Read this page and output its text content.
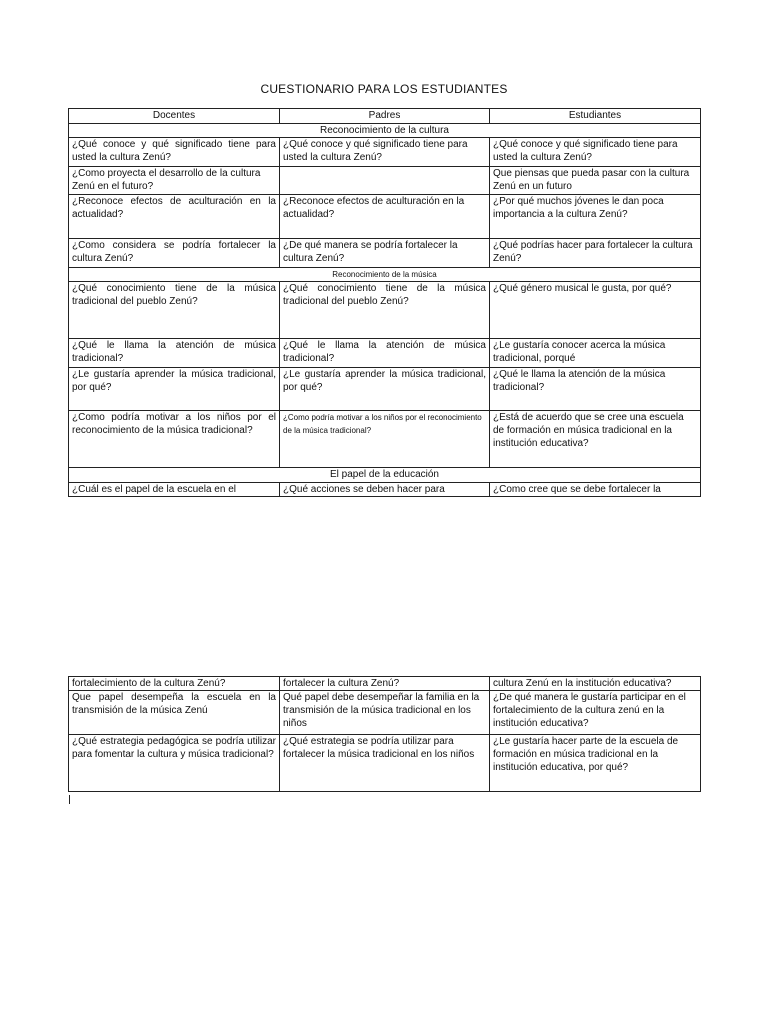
CUESTIONARIO PARA LOS ESTUDIANTES
Docentes	Padres	Estudiantes
Reconocimiento de la cultura		
¿Qué conoce y qué significado tiene para usted la cultura Zenú?	¿Qué conoce y qué significado tiene para usted la cultura Zenú?	¿Qué conoce y qué significado tiene para usted la cultura Zenú?
¿Como proyecta el desarrollo de la cultura Zenú en el futuro?		Que piensas que pueda pasar con la cultura Zenú en un futuro
¿Reconoce efectos de aculturación en la actualidad?	¿Reconoce efectos de aculturación en la actualidad?	¿Por qué muchos jóvenes le dan poca importancia a la cultura Zenú?
¿Como considera se podría fortalecer la cultura Zenú?	¿De qué manera se podría fortalecer la cultura Zenú?	¿Qué podrías hacer para fortalecer la cultura Zenú?
Reconocimiento de la música		
¿Qué conocimiento tiene de la música tradicional del pueblo Zenú?	¿Qué conocimiento tiene de la música tradicional del pueblo Zenú?	¿Qué género musical le gusta, por qué?
¿Qué le llama la atención de música tradicional?	¿Qué le llama la atención de música tradicional?	¿Le gustaría conocer acerca la música tradicional, porqué
¿Le gustaría aprender la música tradicional, por qué?	¿Le gustaría aprender la música tradicional, por qué?	¿Qué le llama la atención de la música tradicional?
¿Como podría motivar a los niños por el reconocimiento de la música tradicional?	¿Como podría motivar a los niños por el reconocimiento de la música tradicional?	¿Está de acuerdo que se cree una escuela de formación en música tradicional en la institución educativa?
El papel de la educación		
¿Cuál es el papel de la escuela en el	¿Qué acciones se deben hacer para	¿Como cree que se debe fortalecer la
fortalecimiento de la cultura Zenú?	fortalecer la cultura Zenú?	cultura Zenú en la institución educativa?
Que papel desempeña la escuela en la transmisión de la música Zenú	Qué papel debe desempeñar la familia en la transmisión de la música tradicional en los niños	¿De qué manera le gustaría participar en el fortalecimiento de la cultura zenú en la institución educativa?
¿Qué estrategia pedagógica se podría utilizar para fomentar la cultura y música tradicional?	¿Qué estrategia se podría utilizar para fortalecer la música tradicional en los niños	¿Le gustaría hacer parte de la escuela de formación en música tradicional en la institución educativa, por qué?
